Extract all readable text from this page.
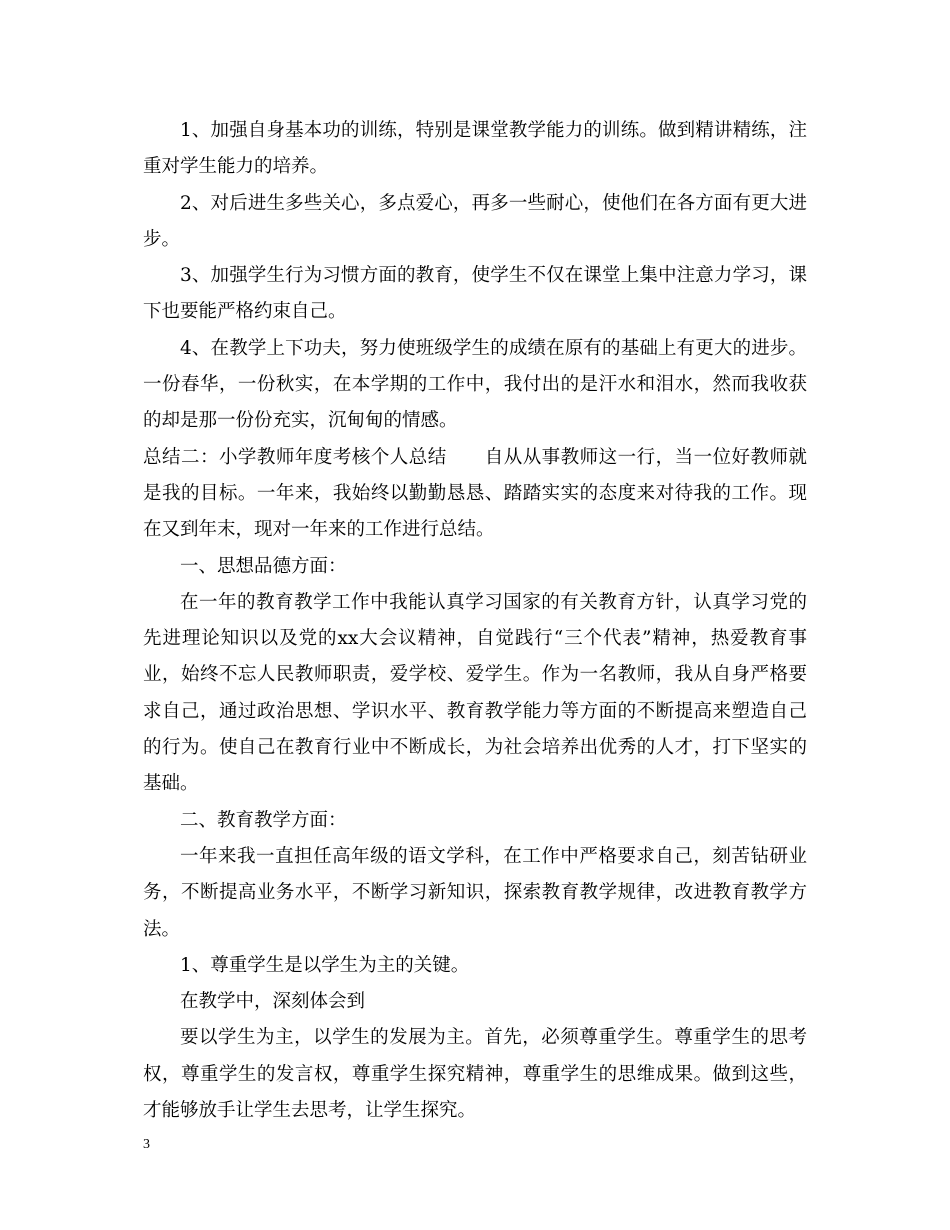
1、加强自身基本功的训练，特别是课堂教学能力的训练。做到精讲精练，注重对学生能力的培养。

2、对后进生多些关心，多点爱心，再多一些耐心，使他们在各方面有更大进步。

3、加强学生行为习惯方面的教育，使学生不仅在课堂上集中注意力学习，课下也要能严格约束自己。

4、在教学上下功夫，努力使班级学生的成绩在原有的基础上有更大的进步。一份春华，一份秋实，在本学期的工作中，我付出的是汗水和泪水，然而我收获的却是那一份份充实，沉甸甸的情感。

总结二：小学教师年度考核个人总结　　自从从事教师这一行，当一位好教师就是我的目标。一年来，我始终以勤勤恳恳、踏踏实实的态度来对待我的工作。现在又到年末，现对一年来的工作进行总结。

一、思想品德方面：

在一年的教育教学工作中我能认真学习国家的有关教育方针，认真学习党的先进理论知识以及党的xx大会议精神，自觉践行“三个代表”精神，热爱教育事业，始终不忘人民教师职责，爱学校、爱学生。作为一名教师，我从自身严格要求自己，通过政治思想、学识水平、教育教学能力等方面的不断提高来塑造自己的行为。使自己在教育行业中不断成长，为社会培养出优秀的人才，打下坚实的基础。

二、教育教学方面：

一年来我一直担任高年级的语文学科，在工作中严格要求自己，刻苦钻研业务，不断提高业务水平，不断学习新知识，探索教育教学规律，改进教育教学方法。

1、尊重学生是以学生为主的关键。

在教学中，深刻体会到

要以学生为主，以学生的发展为主。首先，必须尊重学生。尊重学生的思考权，尊重学生的发言权，尊重学生探究精神，尊重学生的思维成果。做到这些，才能够放手让学生去思考，让学生探究。

3
